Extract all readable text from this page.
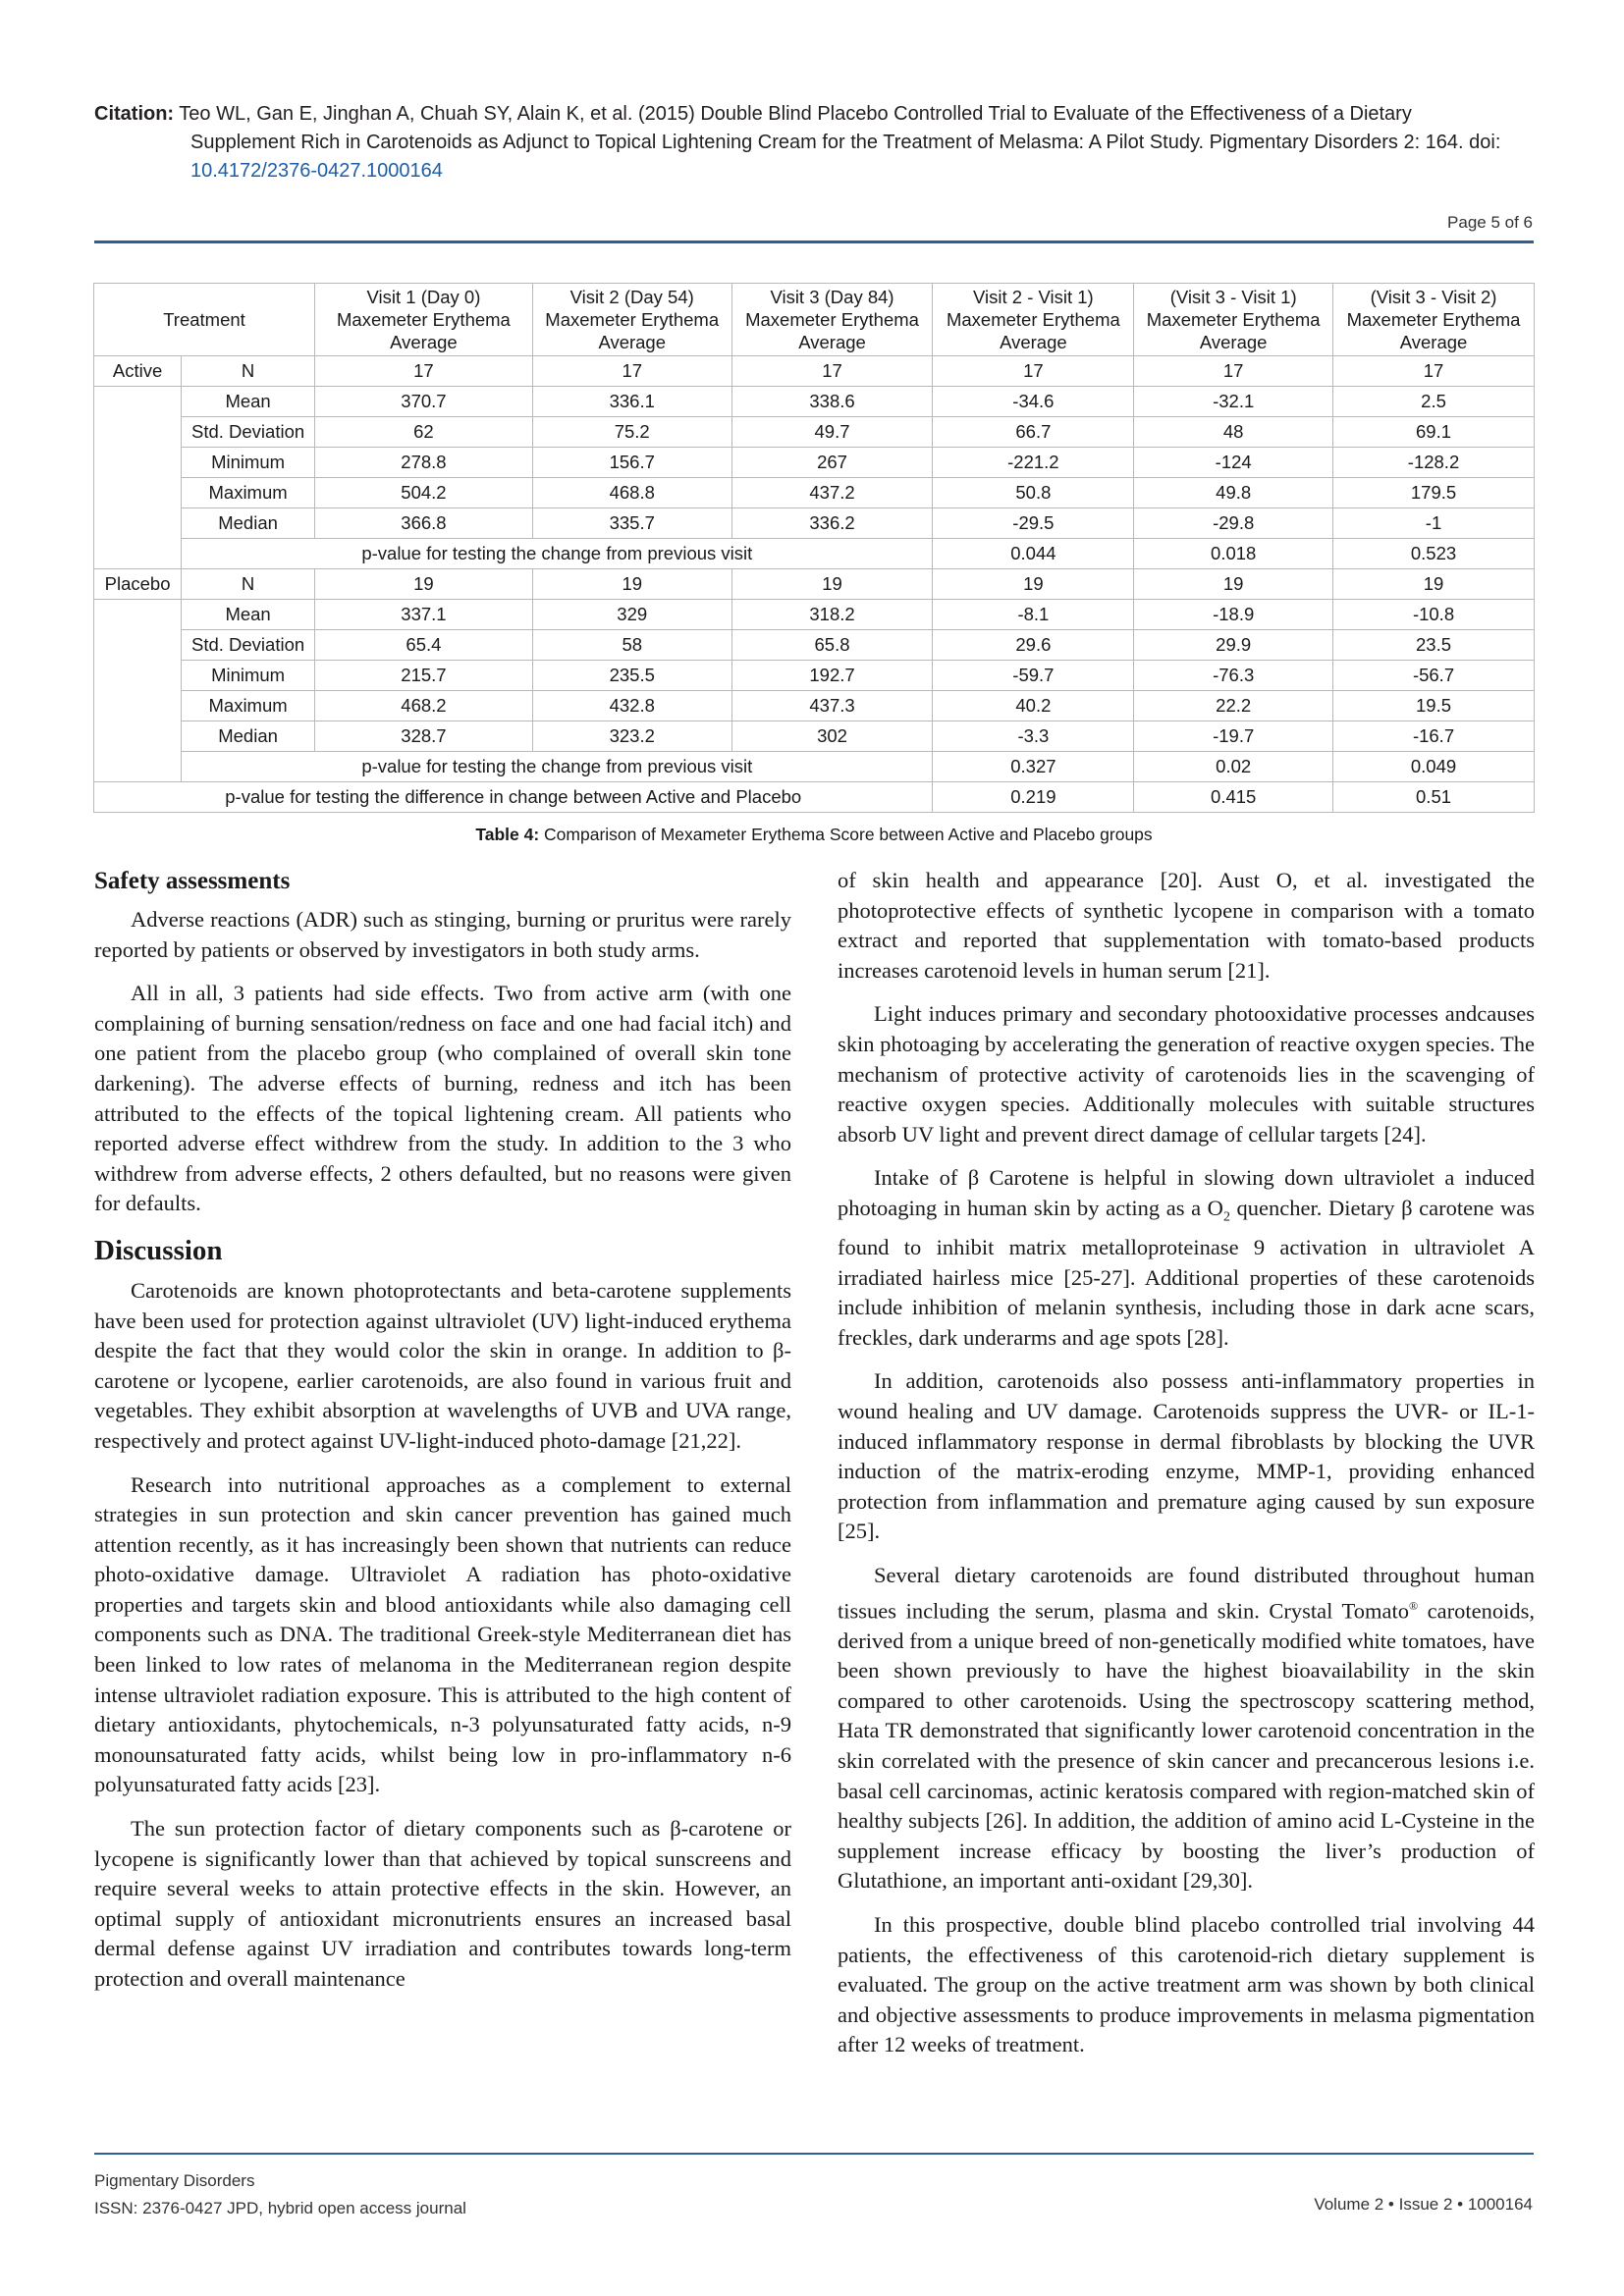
Citation: Teo WL, Gan E, Jinghan A, Chuah SY, Alain K, et al. (2015) Double Blind Placebo Controlled Trial to Evaluate of the Effectiveness of a Dietary
Supplement Rich in Carotenoids as Adjunct to Topical Lightening Cream for the Treatment of Melasma: A Pilot Study. Pigmentary Disorders 2: 164. doi:
10.4172/2376-0427.1000164
Page 5 of 6
Treatment		Visit 1 (Day 0) Maxemeter Erythema Average	Visit 2 (Day 54) Maxemeter Erythema Average	Visit 3 (Day 84) Maxemeter Erythema Average	Visit 2 - Visit 1) Maxemeter Erythema Average	(Visit 3 - Visit 1) Maxemeter Erythema Average	(Visit 3 - Visit 2) Maxemeter Erythema Average
Active	N	17	17	17	17	17	17
	Mean	370.7	336.1	338.6	-34.6	-32.1	2.5
	Std. Deviation	62	75.2	49.7	66.7	48	69.1
	Minimum	278.8	156.7	267	-221.2	-124	-128.2
	Maximum	504.2	468.8	437.2	50.8	49.8	179.5
	Median	366.8	335.7	336.2	-29.5	-29.8	-1
	p-value for testing the change from previous visit				0.044	0.018	0.523
Placebo	N	19	19	19	19	19	19
	Mean	337.1	329	318.2	-8.1	-18.9	-10.8
	Std. Deviation	65.4	58	65.8	29.6	29.9	23.5
	Minimum	215.7	235.5	192.7	-59.7	-76.3	-56.7
	Maximum	468.2	432.8	437.3	40.2	22.2	19.5
	Median	328.7	323.2	302	-3.3	-19.7	-16.7
	p-value for testing the change from previous visit				0.327	0.02	0.049
p-value for testing the difference in change between Active and Placebo					0.219	0.415	0.51
Table 4: Comparison of Mexameter Erythema Score between Active and Placebo groups
Safety assessments

Adverse reactions (ADR) such as stinging, burning or pruritus were rarely reported by patients or observed by investigators in both study arms.

All in all, 3 patients had side effects. Two from active arm (with one complaining of burning sensation/redness on face and one had facial itch) and one patient from the placebo group (who complained of overall skin tone darkening). The adverse effects of burning, redness and itch has been attributed to the effects of the topical lightening cream. All patients who reported adverse effect withdrew from the study. In addition to the 3 who withdrew from adverse effects, 2 others defaulted, but no reasons were given for defaults.

Discussion

Carotenoids are known photoprotectants and beta-carotene supplements have been used for protection against ultraviolet (UV) light-induced erythema despite the fact that they would color the skin in orange. In addition to β-carotene or lycopene, earlier carotenoids, are also found in various fruit and vegetables. They exhibit absorption at wavelengths of UVB and UVA range, respectively and protect against UV-light-induced photo-damage [21,22].

Research into nutritional approaches as a complement to external strategies in sun protection and skin cancer prevention has gained much attention recently, as it has increasingly been shown that nutrients can reduce photo-oxidative damage. Ultraviolet A radiation has photo-oxidative properties and targets skin and blood antioxidants while also damaging cell components such as DNA. The traditional Greek-style Mediterranean diet has been linked to low rates of melanoma in the Mediterranean region despite intense ultraviolet radiation exposure. This is attributed to the high content of dietary antioxidants, phytochemicals, n-3 polyunsaturated fatty acids, n-9 monounsaturated fatty acids, whilst being low in pro-inflammatory n-6 polyunsaturated fatty acids [23].

The sun protection factor of dietary components such as β-carotene or lycopene is significantly lower than that achieved by topical sunscreens and require several weeks to attain protective effects in the skin. However, an optimal supply of antioxidant micronutrients ensures an increased basal dermal defense against UV irradiation and contributes towards long-term protection and overall maintenance

of skin health and appearance [20]. Aust O, et al. investigated the photoprotective effects of synthetic lycopene in comparison with a tomato extract and reported that supplementation with tomato-based products increases carotenoid levels in human serum [21].

Light induces primary and secondary photooxidative processes andcauses skin photoaging by accelerating the generation of reactive oxygen species. The mechanism of protective activity of carotenoids lies in the scavenging of reactive oxygen species. Additionally molecules with suitable structures absorb UV light and prevent direct damage of cellular targets [24].

Intake of β Carotene is helpful in slowing down ultraviolet a induced photoaging in human skin by acting as a $O_2$ quencher. Dietary β carotene was found to inhibit matrix metalloproteinase 9 activation in ultraviolet A irradiated hairless mice [25-27]. Additional properties of these carotenoids include inhibition of melanin synthesis, including those in dark acne scars, freckles, dark underarms and age spots [28].

In addition, carotenoids also possess anti-inflammatory properties in wound healing and UV damage. Carotenoids suppress the UVR- or IL-1-induced inflammatory response in dermal fibroblasts by blocking the UVR induction of the matrix-eroding enzyme, MMP-1, providing enhanced protection from inflammation and premature aging caused by sun exposure [25].

Several dietary carotenoids are found distributed throughout human tissues including the serum, plasma and skin. Crystal Tomato® carotenoids, derived from a unique breed of non-genetically modified white tomatoes, have been shown previously to have the highest bioavailability in the skin compared to other carotenoids. Using the spectroscopy scattering method, Hata TR demonstrated that significantly lower carotenoid concentration in the skin correlated with the presence of skin cancer and precancerous lesions i.e. basal cell carcinomas, actinic keratosis compared with region-matched skin of healthy subjects [26]. In addition, the addition of amino acid L-Cysteine in the supplement increase efficacy by boosting the liver’s production of Glutathione, an important anti-oxidant [29,30].

In this prospective, double blind placebo controlled trial involving 44 patients, the effectiveness of this carotenoid-rich dietary supplement is evaluated. The group on the active treatment arm was shown by both clinical and objective assessments to produce improvements in melasma pigmentation after 12 weeks of treatment.

Pigmentary Disorders
ISSN: 2376-0427 JPD, hybrid open access journal	Volume 2 • Issue 2 • 1000164
